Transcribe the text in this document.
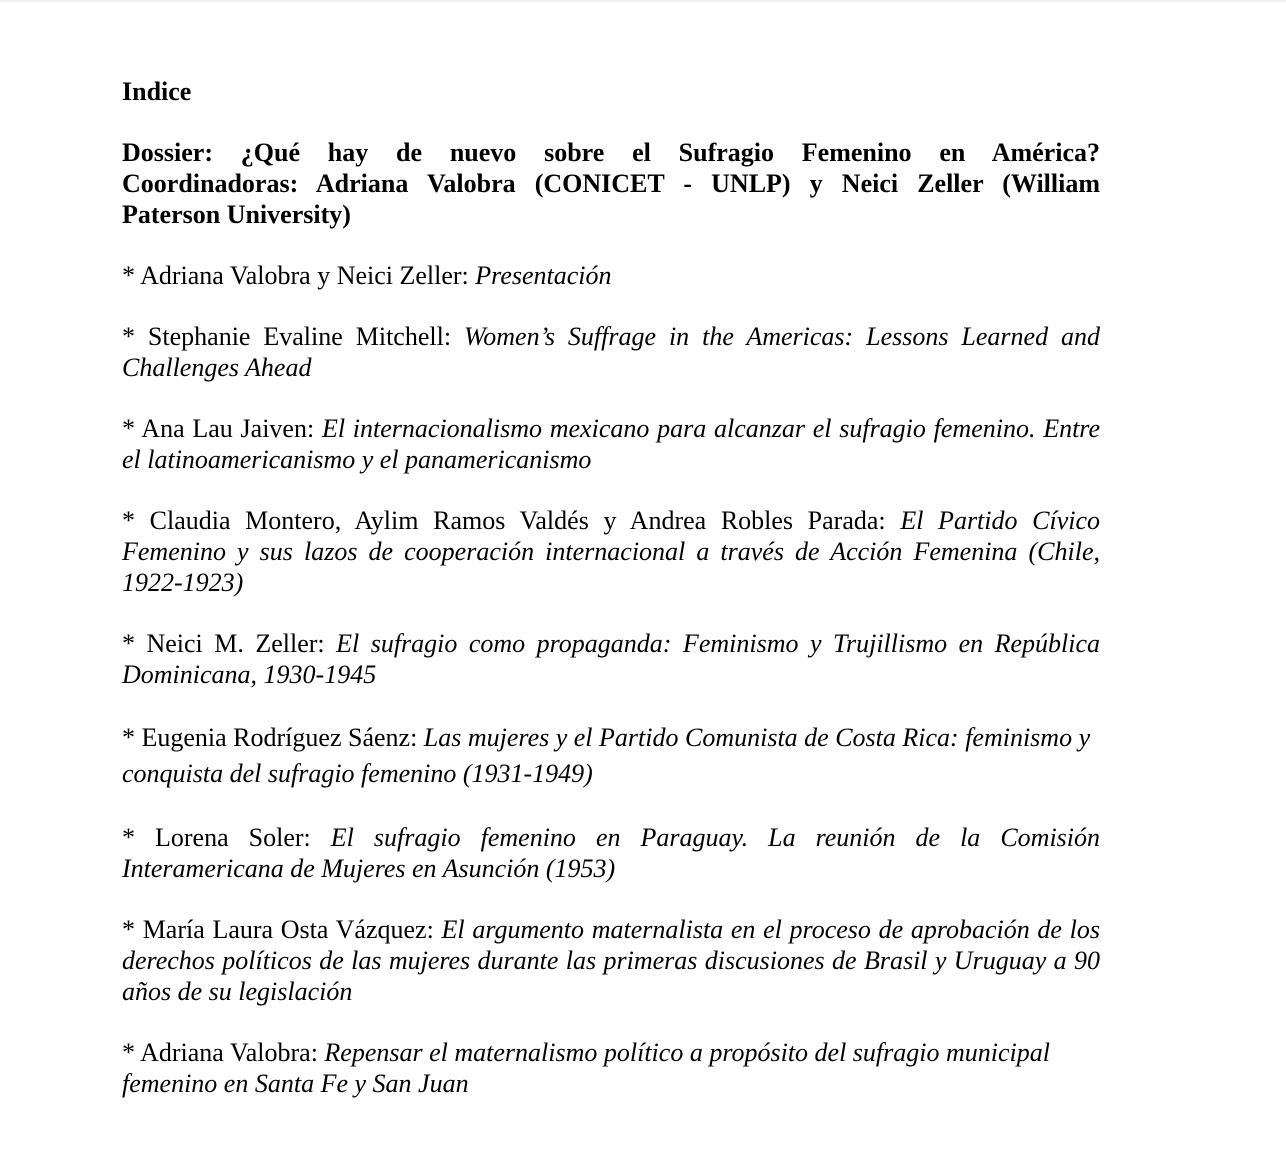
Indice
Dossier: ¿Qué hay de nuevo sobre el Sufragio Femenino en América?
Coordinadoras: Adriana Valobra (CONICET - UNLP) y Neici Zeller (William
Paterson University)

* Adriana Valobra y Neici Zeller: Presentación

* Stephanie Evaline Mitchell: Women’s Suffrage in the Americas: Lessons Learned and Challenges Ahead

* Ana Lau Jaiven: El internacionalismo mexicano para alcanzar el sufragio femenino. Entre el latinoamericanismo y el panamericanismo

* Claudia Montero, Aylim Ramos Valdés y Andrea Robles Parada: El Partido Cívico Femenino y sus lazos de cooperación internacional a través de Acción Femenina (Chile, 1922-1923)

* Neici M. Zeller: El sufragio como propaganda: Feminismo y Trujillismo en República Dominicana, 1930-1945

* Eugenia Rodríguez Sáenz: Las mujeres y el Partido Comunista de Costa Rica: feminismo y conquista del sufragio femenino (1931-1949)

* Lorena Soler: El sufragio femenino en Paraguay. La reunión de la Comisión Interamericana de Mujeres en Asunción (1953)

* María Laura Osta Vázquez: El argumento maternalista en el proceso de aprobación de los derechos políticos de las mujeres durante las primeras discusiones de Brasil y Uruguay a 90 años de su legislación

* Adriana Valobra: Repensar el maternalismo político a propósito del sufragio municipal femenino en Santa Fe y San Juan
